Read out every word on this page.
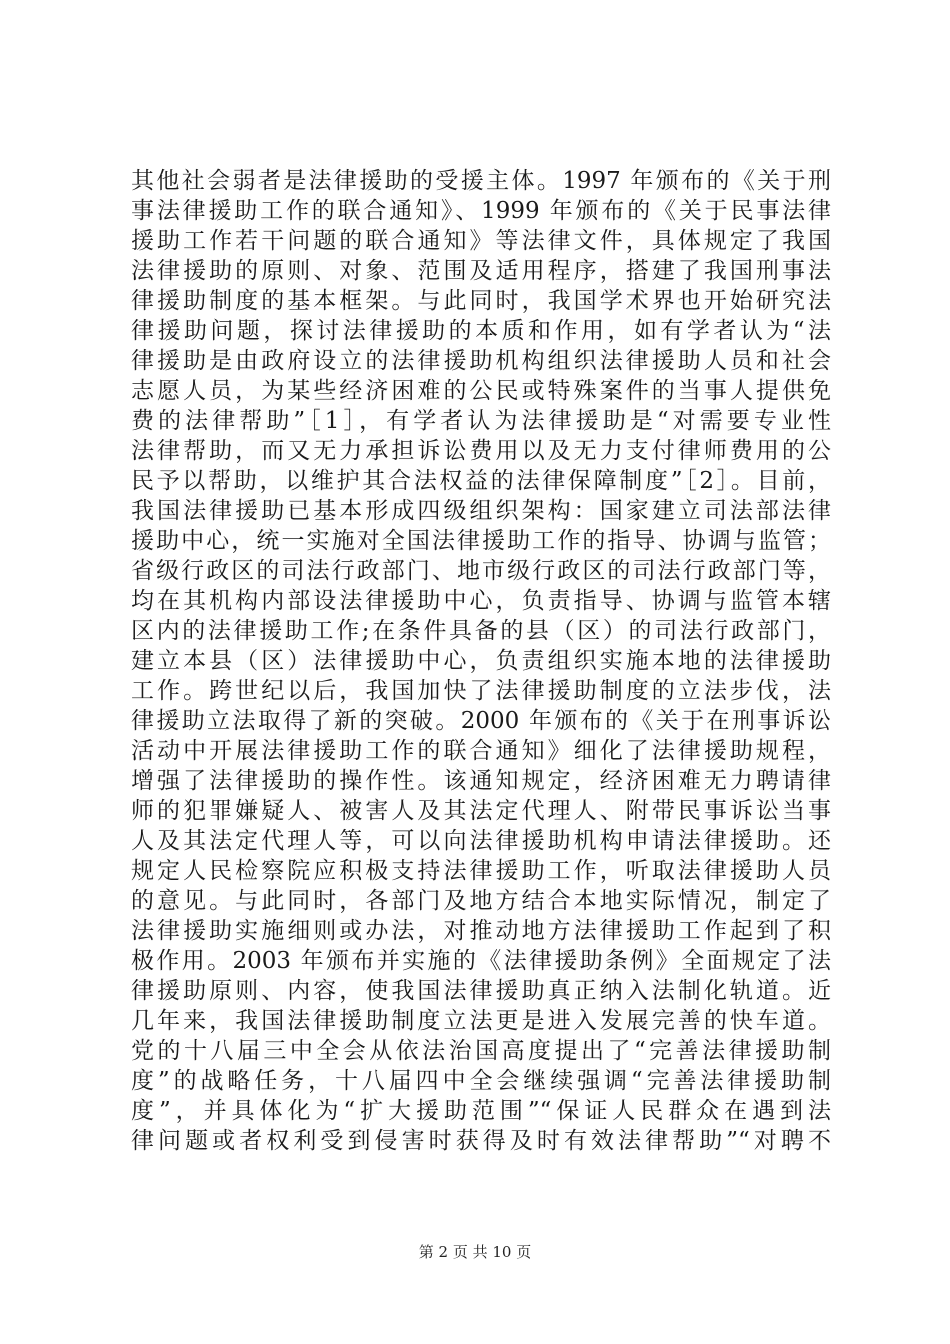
其他社会弱者是法律援助的受援主体。1997 年颁布的《关于刑
事法律援助工作的联合通知》、1999 年颁布的《关于民事法律
援助工作若干问题的联合通知》等法律文件，具体规定了我国
法律援助的原则、对象、范围及适用程序，搭建了我国刑事法
律援助制度的基本框架。与此同时，我国学术界也开始研究法
律援助问题，探讨法律援助的本质和作用，如有学者认为“法
律援助是由政府设立的法律援助机构组织法律援助人员和社会
志愿人员，为某些经济困难的公民或特殊案件的当事人提供免
费的法律帮助”［1］，有学者认为法律援助是“对需要专业性
法律帮助，而又无力承担诉讼费用以及无力支付律师费用的公
民予以帮助，以维护其合法权益的法律保障制度”［2］。目前，
我国法律援助已基本形成四级组织架构：国家建立司法部法律
援助中心，统一实施对全国法律援助工作的指导、协调与监管；
省级行政区的司法行政部门、地市级行政区的司法行政部门等，
均在其机构内部设法律援助中心，负责指导、协调与监管本辖
区内的法律援助工作;在条件具备的县（区）的司法行政部门，
建立本县（区）法律援助中心，负责组织实施本地的法律援助
工作。跨世纪以后，我国加快了法律援助制度的立法步伐，法
律援助立法取得了新的突破。2000 年颁布的《关于在刑事诉讼
活动中开展法律援助工作的联合通知》细化了法律援助规程，
增强了法律援助的操作性。该通知规定，经济困难无力聘请律
师的犯罪嫌疑人、被害人及其法定代理人、附带民事诉讼当事
人及其法定代理人等，可以向法律援助机构申请法律援助。还
规定人民检察院应积极支持法律援助工作，听取法律援助人员
的意见。与此同时，各部门及地方结合本地实际情况，制定了
法律援助实施细则或办法，对推动地方法律援助工作起到了积
极作用。2003 年颁布并实施的《法律援助条例》全面规定了法
律援助原则、内容，使我国法律援助真正纳入法制化轨道。近
几年来，我国法律援助制度立法更是进入发展完善的快车道。
党的十八届三中全会从依法治国高度提出了“完善法律援助制
度”的战略任务，十八届四中全会继续强调“完善法律援助制
度”，并具体化为“扩大援助范围”“保证人民群众在遇到法
律问题或者权利受到侵害时获得及时有效法律帮助”“对聘不
第 2 页 共 10 页
